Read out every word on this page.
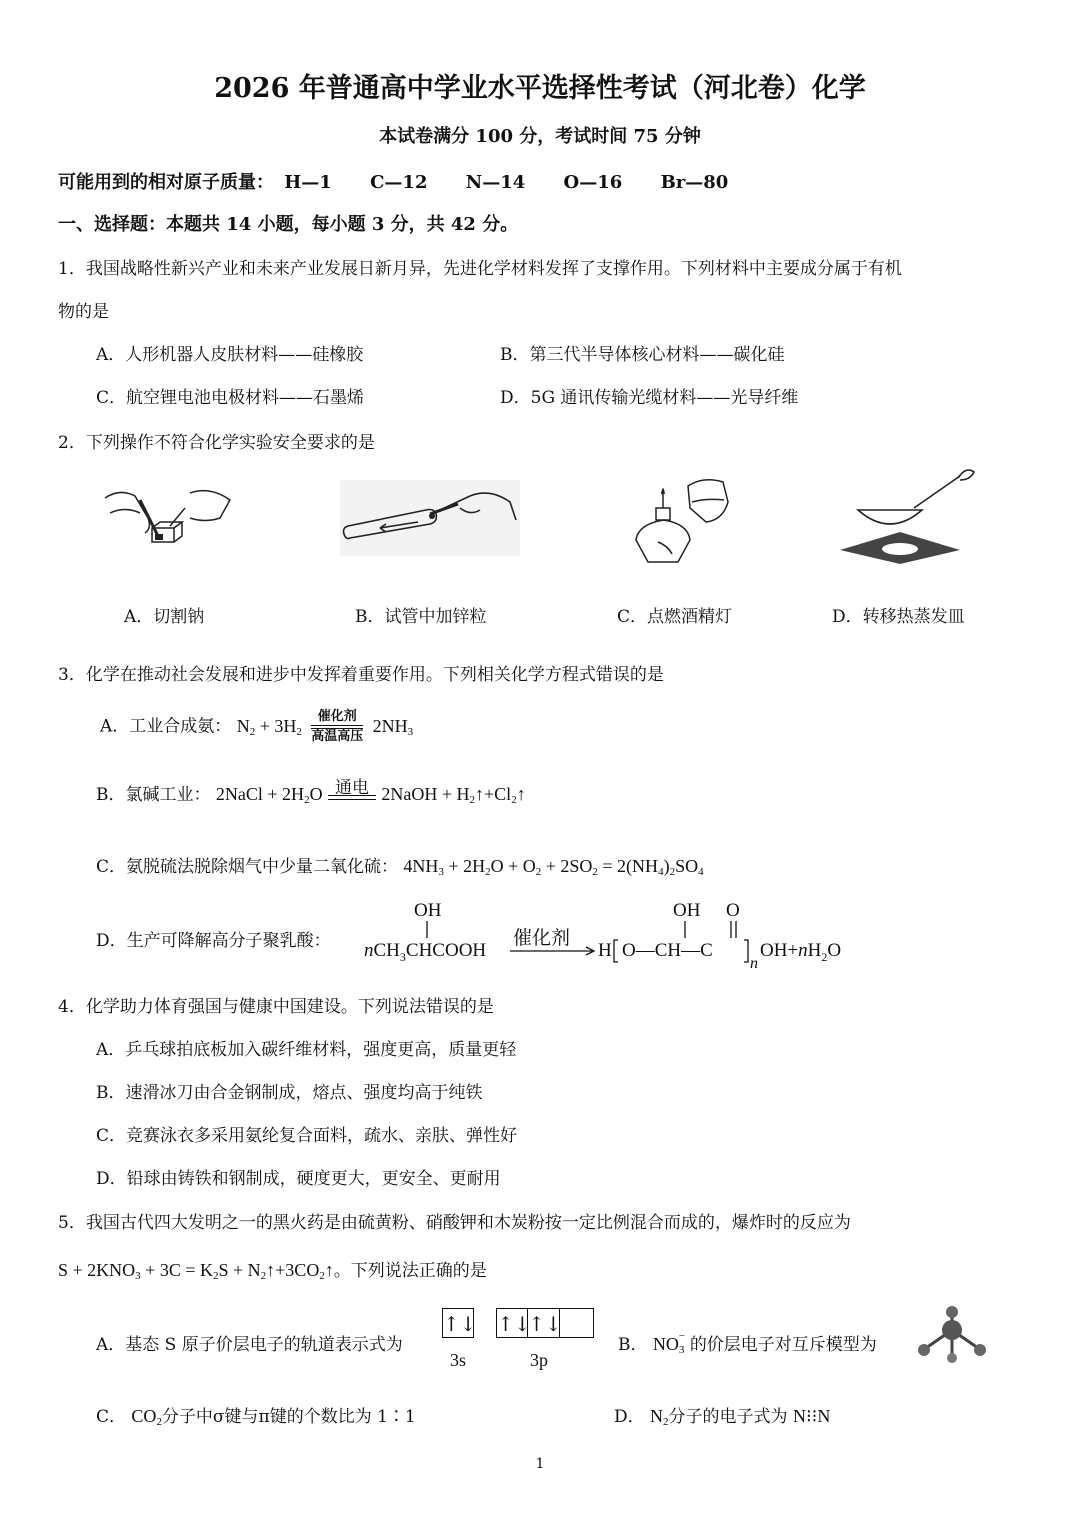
2026 年普通高中学业水平选择性考试（河北卷）化学
本试卷满分 100 分，考试时间 75 分钟
可能用到的相对原子质量： H—1 C—12 N—14 O—16 Br—80
一、选择题：本题共 14 小题，每小题 3 分，共 42 分。
1．我国战略性新兴产业和未来产业发展日新月异，先进化学材料发挥了支撑作用。下列材料中主要成分属于有机
物的是
A．人形机器人皮肤材料——硅橡胶	B．第三代半导体核心材料——碳化硅
C．航空锂电池电极材料——石墨烯	D．5G 通讯传输光缆材料——光导纤维
2．下列操作不符合化学实验安全要求的是
A．切割钠	B．试管中加锌粒	C．点燃酒精灯	D．转移热蒸发皿
3．化学在推动社会发展和进步中发挥着重要作用。下列相关化学方程式错误的是
A．工业合成氨： $N_2 + 3H_2$ 催化剂
高温高压 $2NH_3$
B．氯碱工业： 2NaCl + $2H_2O$ 通电 2NaOH + $H_2↑+Cl_2↑$
C．氨脱硫法脱除烟气中少量二氧化硫： $4NH_3 + 2H_2O + O_2 + 2SO_2 = 2(NH_4)_2SO_4$
D．生产可降解高分子聚乳酸：
OH
nCH$_3$CHCOOH
催化剂
H O—CH—C
OH O
n
$OH+nH_2O$
4．化学助力体育强国与健康中国建设。下列说法错误的是
A．乒乓球拍底板加入碳纤维材料，强度更高，质量更轻
B．速滑冰刀由合金钢制成，熔点、强度均高于纯铁
C．竞赛泳衣多采用氨纶复合面料，疏水、亲肤、弹性好
D．铅球由铸铁和钢制成，硬度更大，更安全、更耐用
5．我国古代四大发明之一的黑火药是由硫黄粉、硝酸钾和木炭粉按一定比例混合而成的，爆炸时的反应为
$S + 2KNO_3 + 3C = K_2S$ + $N_2↑+3CO_2↑$。下列说法正确的是
A．基态 S 原子价层电子的轨道表示式为
↑↓ ↑↓↑↓
3s	3p
B． NO $_{- 3}$ 的价层电子对互斥模型为
C． $CO_2$分子中σ键与π键的个数比为 1∶1	D． $N_2$分子的电子式为 N⁝⁝N
1
